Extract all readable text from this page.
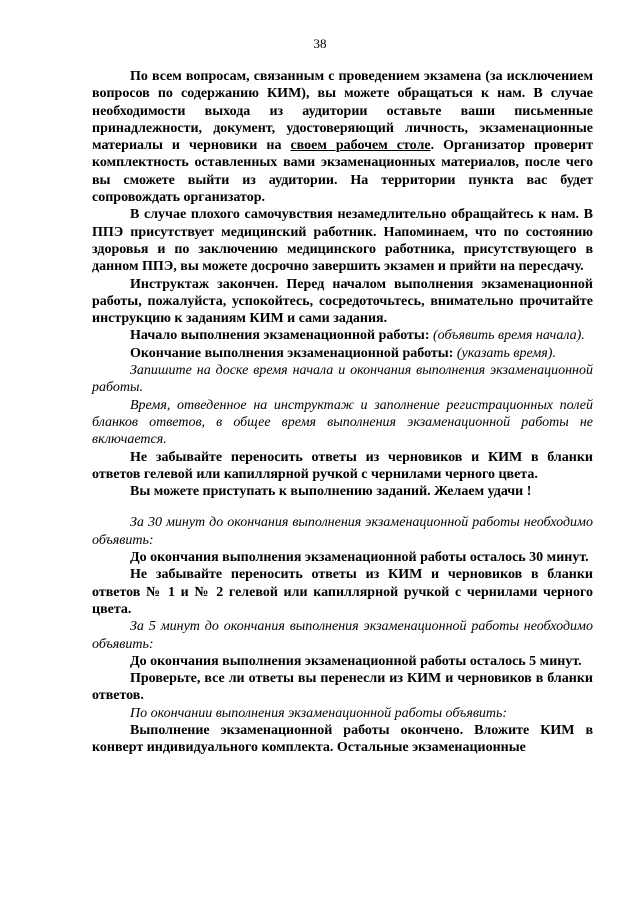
38

По всем вопросам, связанным с проведением экзамена (за исключением вопросов по содержанию КИМ), вы можете обращаться к нам. В случае необходимости выхода из аудитории оставьте ваши письменные принадлежности, документ, удостоверяющий личность, экзаменационные материалы и черновики на своем рабочем столе. Организатор проверит комплектность оставленных вами экзаменационных материалов, после чего вы сможете выйти из аудитории. На территории пункта вас будет сопровождать организатор.

В случае плохого самочувствия незамедлительно обращайтесь к нам. В ППЭ присутствует медицинский работник. Напоминаем, что по состоянию здоровья и по заключению медицинского работника, присутствующего в данном ППЭ, вы можете досрочно завершить экзамен и прийти на пересдачу.

Инструктаж закончен. Перед началом выполнения экзаменационной работы, пожалуйста, успокойтесь, сосредоточьтесь, внимательно прочитайте инструкцию к заданиям КИМ и сами задания.

Начало выполнения экзаменационной работы: (объявить время начала).

Окончание выполнения экзаменационной работы: (указать время).

Запишите на доске время начала и окончания выполнения экзаменационной работы.

Время, отведенное на инструктаж и заполнение регистрационных полей бланков ответов, в общее время выполнения экзаменационной работы не включается.

Не забывайте переносить ответы из черновиков и КИМ в бланки ответов гелевой или капиллярной ручкой с чернилами черного цвета.

Вы можете приступать к выполнению заданий. Желаем удачи !

За 30 минут до окончания выполнения экзаменационной работы необходимо объявить:

До окончания выполнения экзаменационной работы осталось 30 минут.

Не забывайте переносить ответы из КИМ и черновиков в бланки ответов № 1 и № 2 гелевой или капиллярной ручкой с чернилами черного цвета.

За 5 минут до окончания выполнения экзаменационной работы необходимо объявить:

До окончания выполнения экзаменационной работы осталось 5 минут.

Проверьте, все ли ответы вы перенесли из КИМ и черновиков в бланки ответов.

По окончании выполнения экзаменационной работы объявить:

Выполнение экзаменационной работы окончено. Вложите КИМ в конверт индивидуального комплекта. Остальные экзаменационные
